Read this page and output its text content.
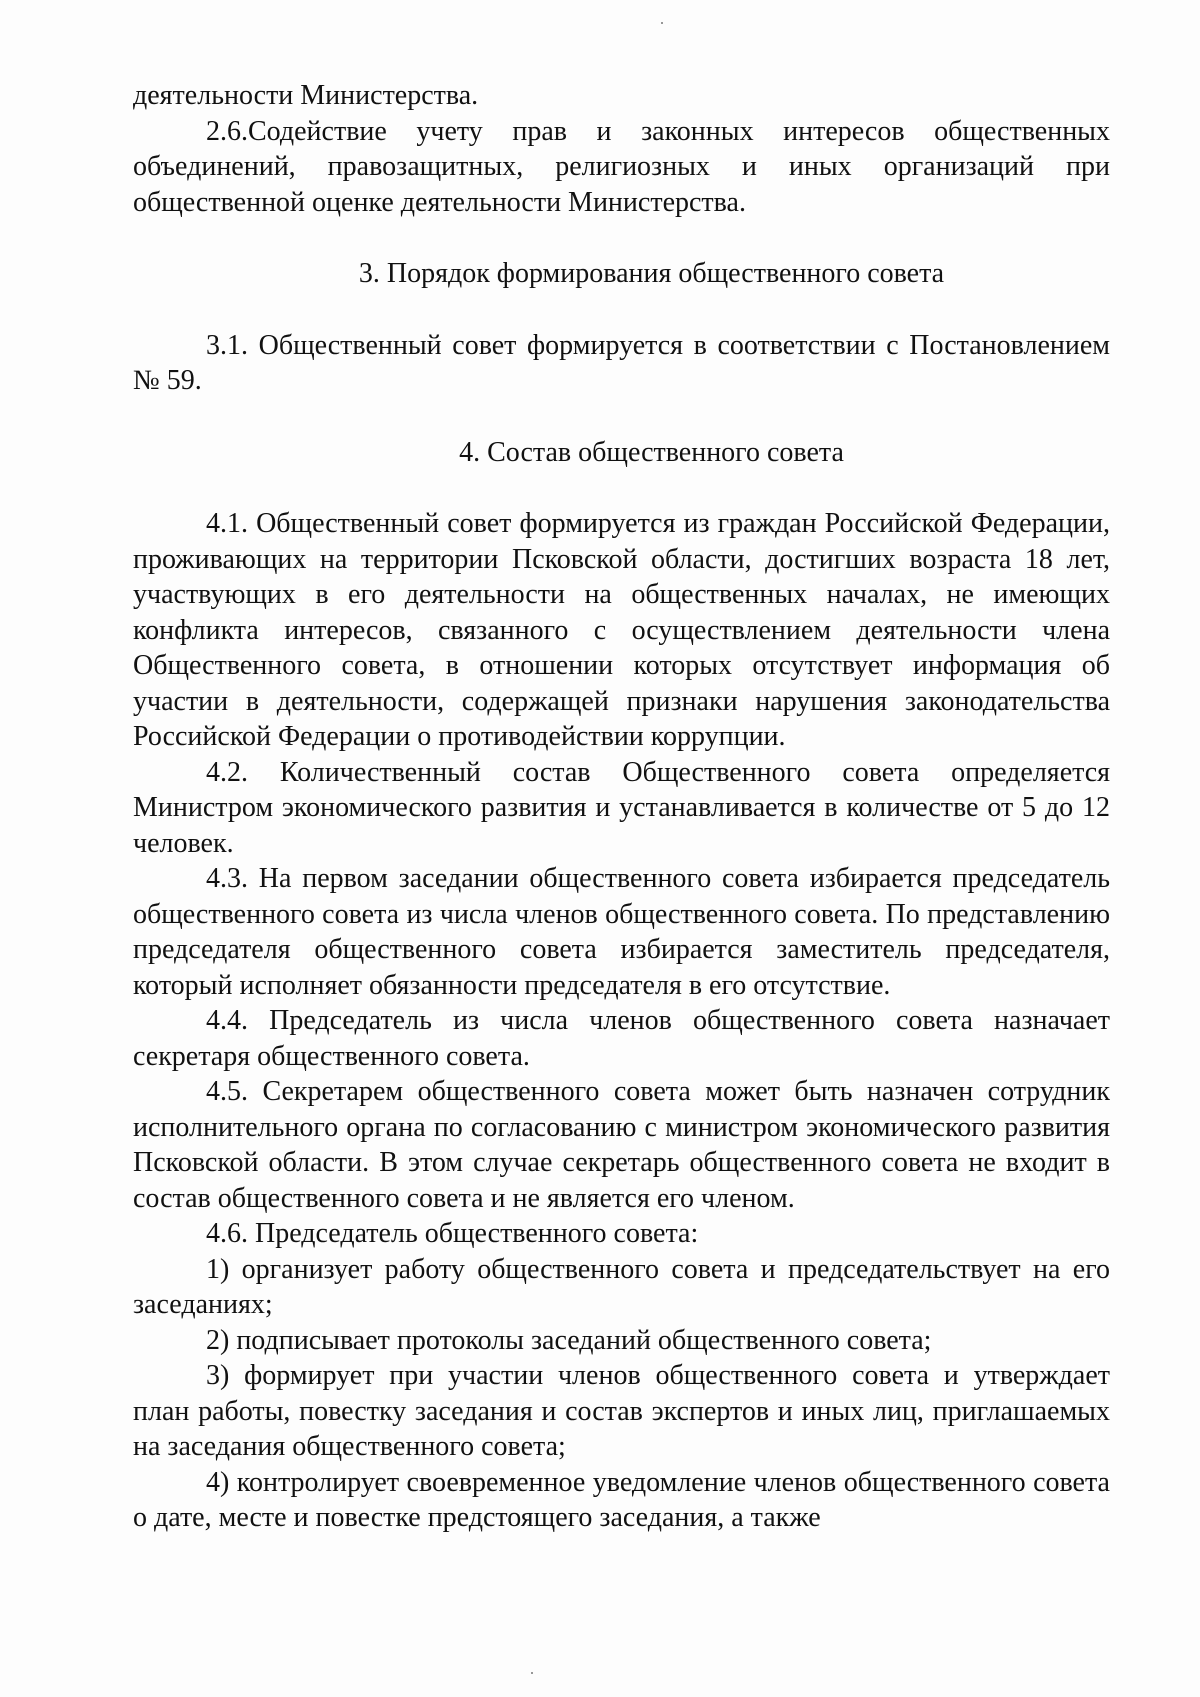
деятельности Министерства.

2.6.Содействие учету прав и законных интересов общественных объединений, правозащитных, религиозных и иных организаций при общественной оценке деятельности Министерства.

3. Порядок формирования общественного совета

3.1. Общественный совет формируется в соответствии с Постановлением № 59.

4. Состав общественного совета

4.1. Общественный совет формируется из граждан Российской Федерации, проживающих на территории Псковской области, достигших возраста 18 лет, участвующих в его деятельности на общественных началах, не имеющих конфликта интересов, связанного с осуществлением деятельности члена Общественного совета, в отношении которых отсутствует информация об участии в деятельности, содержащей признаки нарушения законодательства Российской Федерации о противодействии коррупции.

4.2. Количественный состав Общественного совета определяется Министром экономического развития и устанавливается в количестве от 5 до 12 человек.

4.3. На первом заседании общественного совета избирается председатель общественного совета из числа членов общественного совета. По представлению председателя общественного совета избирается заместитель председателя, который исполняет обязанности председателя в его отсутствие.

4.4. Председатель из числа членов общественного совета назначает секретаря общественного совета.

4.5. Секретарем общественного совета может быть назначен сотрудник исполнительного органа по согласованию с министром экономического развития Псковской области. В этом случае секретарь общественного совета не входит в состав общественного совета и не является его членом.

4.6. Председатель общественного совета:

1) организует работу общественного совета и председательствует на его заседаниях;

2) подписывает протоколы заседаний общественного совета;

3) формирует при участии членов общественного совета и утверждает план работы, повестку заседания и состав экспертов и иных лиц, приглашаемых на заседания общественного совета;

4) контролирует своевременное уведомление членов общественного совета о дате, месте и повестке предстоящего заседания, а также
